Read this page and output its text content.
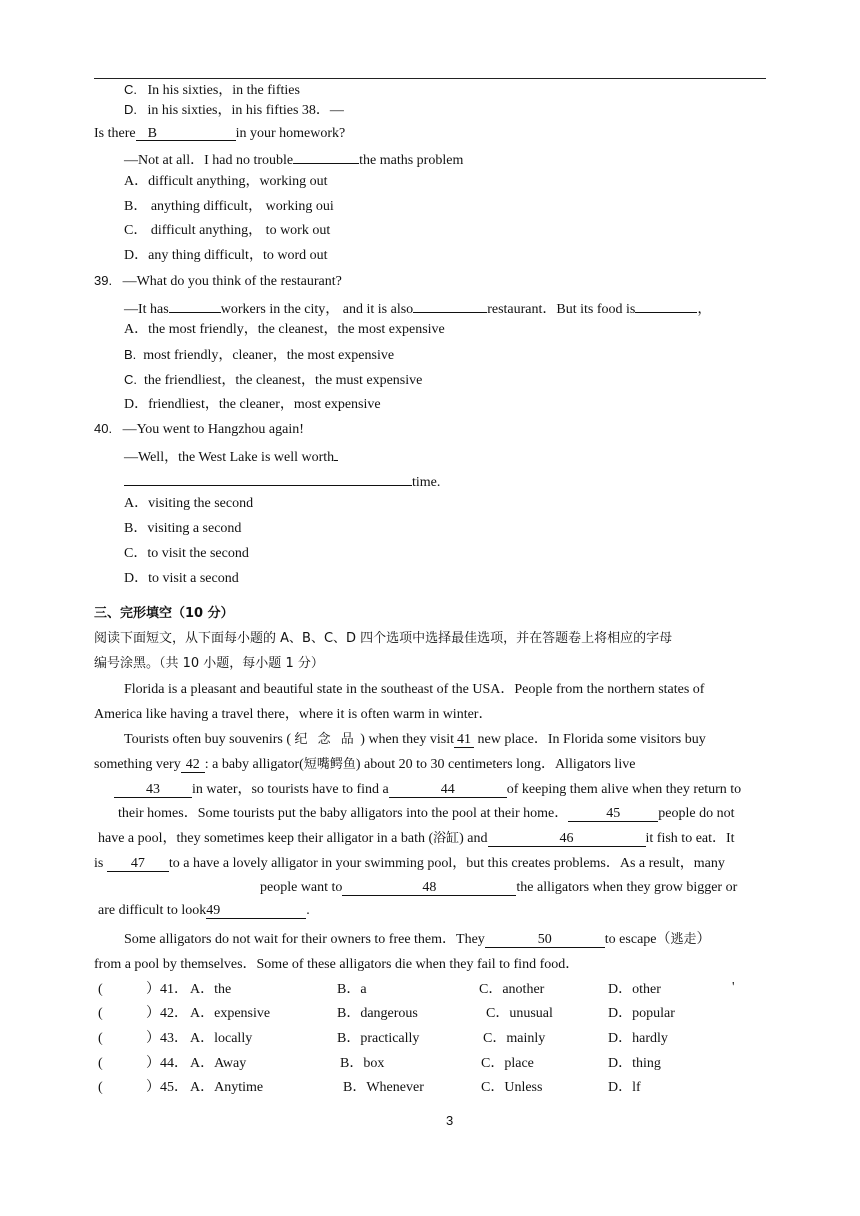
C. In his sixties，in the fifties
D. in his sixties，in his fifties 38．—
Is there B	in your homework?
—Not at all．I had no trouble	the maths problem
A．difficult anything，working out
B． anything difficult， working oui
C． difficult anything， to work out
D．any thing difficult，to word out
39. —What do you think of the restaurant?
—It has	workers in the city， and it is also	restaurant．But its food is	，
A．the most friendly，the cleanest，the most expensive
B.  most friendly，cleaner，the most expensive
C.  the friendliest，the cleanest，the must expensive
D．friendliest，the cleaner，most expensive
40. —You went to Hangzhou again!
—Well，the West Lake is well worth
time.
A．visiting the second
B．visiting a second
C．to visit the second
D．to visit a second
三、完形填空（10 分）
阅读下面短文，从下面每小题的 A、B、C、D 四个选项中选择最佳选项，并在答题卷上将相应的字母
编号涂黑。（共 10 小题，每小题 1 分）
Florida is a pleasant and beautiful state in the southeast of the USA．People from the northern states of
America like having a travel there，where it is often warm in winter．
Tourists often buy souvenirs ( 纪 念 品 ) when they visit 41 new place．In Florida some visitors buy
something very 42 : a baby alligator(短嘴鳄鱼) about 20 to 30 centimeters long．Alligators live
43 in water，so tourists have to find a	44	of keeping them alive when they return to
their homes．Some tourists put the baby alligators into the pool at their home．	45	people do not
have a pool，they sometimes keep their alligator in a bath (浴缸) and	46	it fish to eat．It
is 47 to a have a lovely alligator in your swimming pool，but this creates problems．As a result，many
people want to	48	the alligators when they grow bigger or
are difficult to look49	.
Some alligators do not wait for their owners to free them．They	50	to escape（逃走）
from a pool by themselves．Some of these alligators die when they fail to find food．
(	）41． A．the	B．a	C．another	D．other	'
(	）42． A．expensive	B．dangerous	C．unusual	D．popular
(	）43． A．locally	B．practically	C．mainly	D．hardly
(	）44． A．Away	B．box	C．place	D．thing
(	）45． A．Anytime	B．Whenever	C．Unless	D．lf
3
